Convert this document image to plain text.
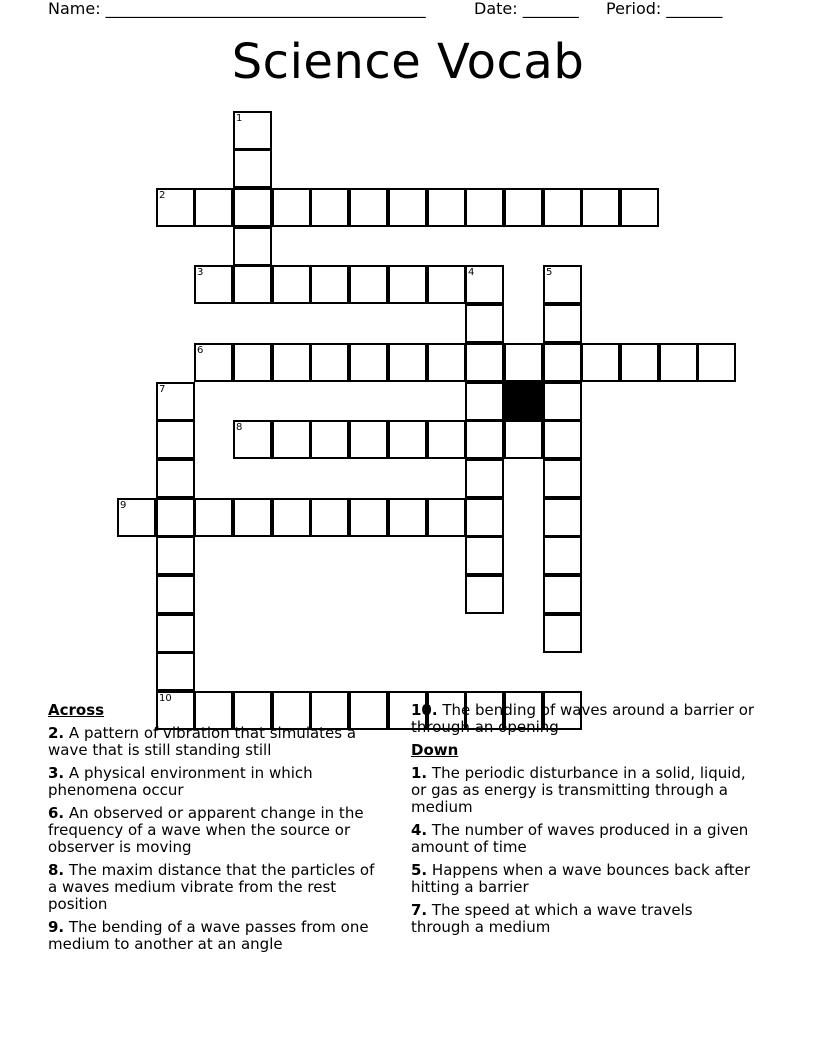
Name: ________________________________________	Date: _______ Period: _______
Science Vocab
1
2
3	4	5
6
7
8
9
10
Across
2. A pattern of vibration that simulates a wave that is still standing still
3. A physical environment in which phenomena occur
6. An observed or apparent change in the frequency of a wave when the source or observer is moving
8. The maxim distance that the particles of a waves medium vibrate from the rest position
9. The bending of a wave passes from one medium to another at an angle
10. The bending of waves around a barrier or through an opening
Down
1. The periodic disturbance in a solid, liquid, or gas as energy is transmitting through a medium
4. The number of waves produced in a given amount of time
5. Happens when a wave bounces back after hitting a barrier
7. The speed at which a wave travels through a medium
